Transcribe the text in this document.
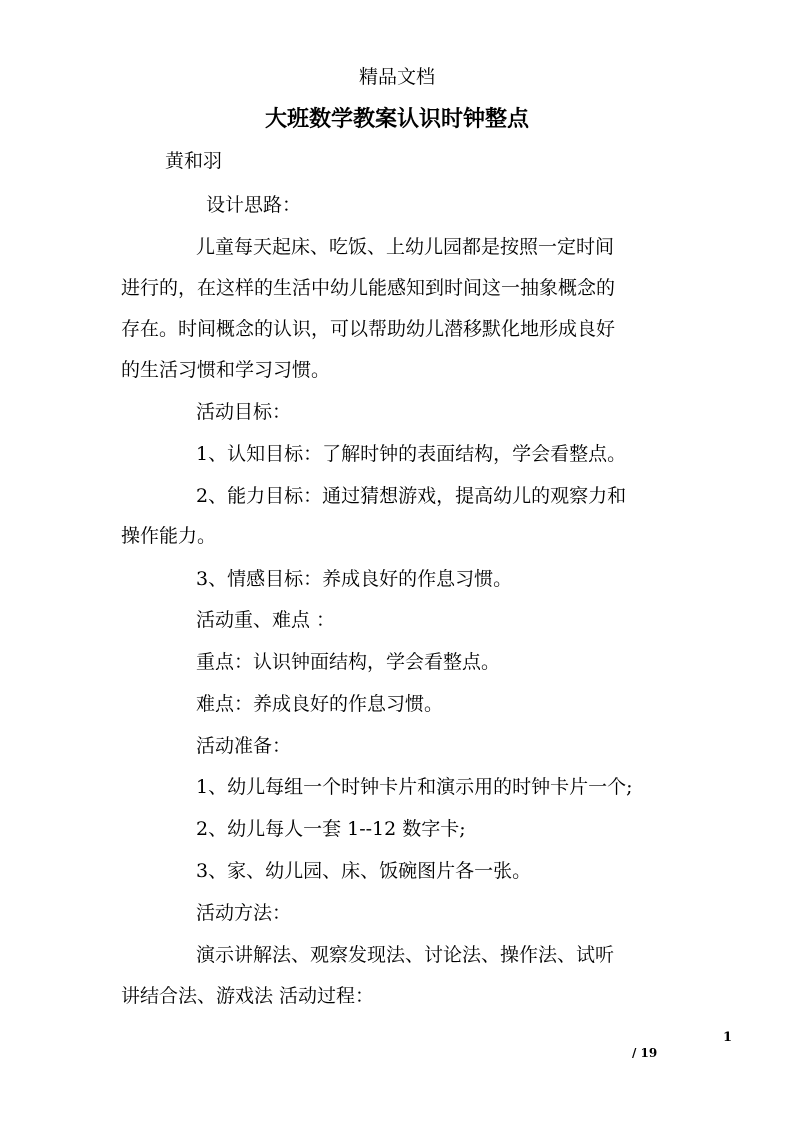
精品文档
大班数学教案认识时钟整点
黄和羽
设计思路：
儿童每天起床、吃饭、上幼儿园都是按照一定时间
进行的，在这样的生活中幼儿能感知到时间这一抽象概念的
存在。时间概念的认识，可以帮助幼儿潜移默化地形成良好
的生活习惯和学习习惯。
活动目标：
1、认知目标：了解时钟的表面结构，学会看整点。
2、能力目标：通过猜想游戏，提高幼儿的观察力和
操作能力。
3、情感目标：养成良好的作息习惯。
活动重、难点 ：
重点：认识钟面结构，学会看整点。
难点：养成良好的作息习惯。
活动准备：
1、幼儿每组一个时钟卡片和演示用的时钟卡片一个;
2、幼儿每人一套 1--12 数字卡;
3、家、幼儿园、床、饭碗图片各一张。
活动方法：
演示讲解法、观察发现法、讨论法、操作法、试听
讲结合法、游戏法 活动过程：
1
/ 19
